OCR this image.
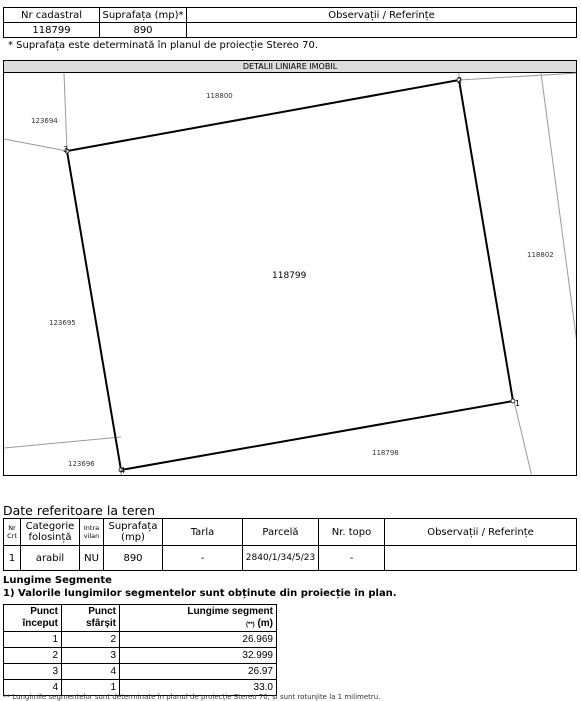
Nr cadastral	Suprafața (mp)*	Observații / Referințe
118799	890	
* Suprafața este determinată în planul de proiecție Stereo 70.
DETALII LINIARE IMOBIL
1
2
3
4
118799
118800
123694
118802
123695
118798
123696
Date referitoare la teren
Nr Crt	Categorie folosință	Intra vilan	Suprafața (mp)	Tarla	Parcelă	Nr. topo	Observații / Referințe
1	arabil	NU	890	-	2840/1/34/5/23	-	
Lungime Segmente
1) Valorile lungimilor segmentelor sunt obținute din proiecție în plan.
Punct început	Punct sfârșit	Lungime segment
(**) (m)
1	2	26.969
2	3	32.999
3	4	26.97
4	1	33.0
** Lungimile segmentelor sunt determinate în planul de proiecție Stereo 70, și sunt rotunjite la 1 milimetru.
